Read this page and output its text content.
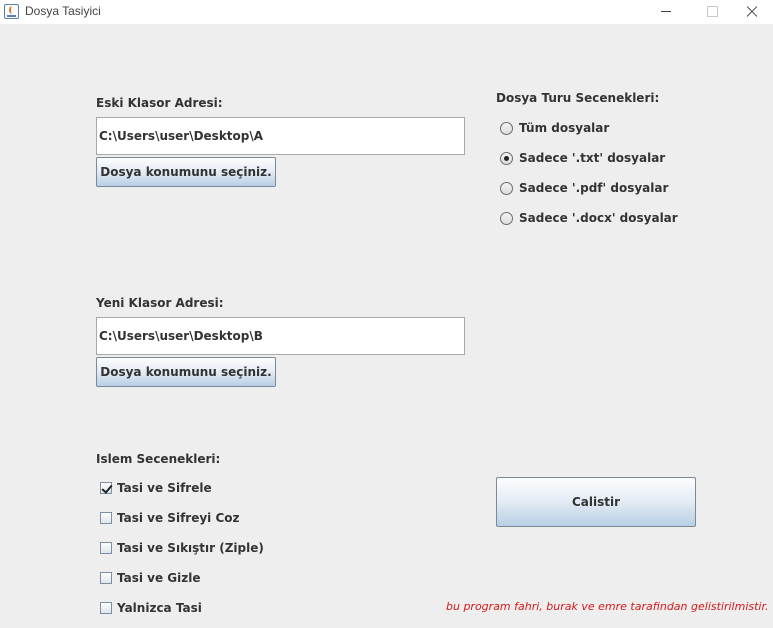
Dosya Tasiyici
Eski Klasor Adresi:
C:\Users\user\Desktop\A
Dosya konumunu seçiniz.
Yeni Klasor Adresi:
C:\Users\user\Desktop\B
Dosya konumunu seçiniz.
Dosya Turu Secenekleri:
Tüm dosyalar
Sadece '.txt' dosyalar
Sadece '.pdf' dosyalar
Sadece '.docx' dosyalar
Islem Secenekleri:
Tasi ve Sifrele
Tasi ve Sifreyi Coz
Tasi ve Sıkıştır (Ziple)
Tasi ve Gizle
Yalnizca Tasi
Calistir
bu program fahri, burak ve emre tarafindan gelistirilmistir.
